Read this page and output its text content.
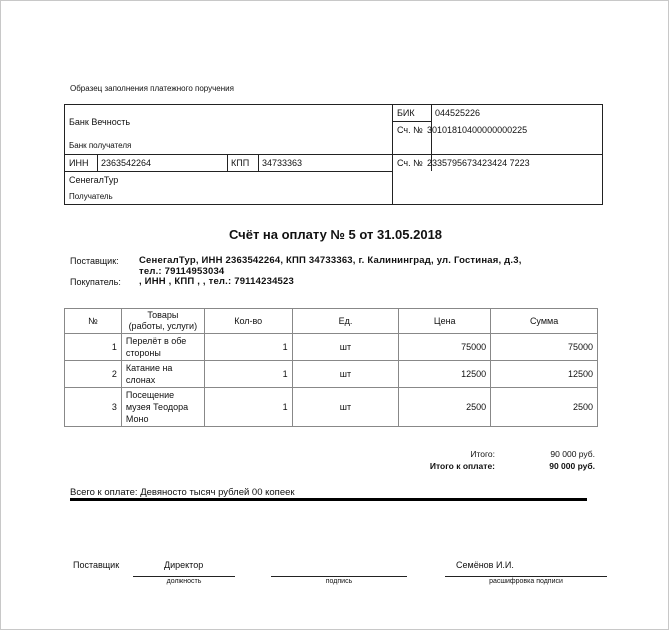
Образец заполнения платежного поручения
Банк Вечность
Банк получателя
БИК 044525226
Сч. № 30101810400000000225
ИНН 2363542264	КПП 34733363	Сч. № 2335795673423424 7223
СенегалТур
Получатель
Счёт на оплату № 5 от 31.05.2018
Поставщик: СенегалТур, ИНН 2363542264, КПП 34733363, г. Калининград, ул. Гостиная, д.3,
тел.: 79114953034
Покупатель: , ИНН , КПП , , тел.: 79114234523
№	Товары
(работы, услуги)	Кол-во	Ед.	Цена	Сумма
1	Перелёт в обе
стороны	1	шт	75000	75000
2	Катание на
слонах	1	шт	12500	12500
3	Посещение
музея Теодора
Моно	1	шт	2500	2500
Итого:	90 000 руб.
Итого к оплате:	90 000 руб.
Всего к оплате: Девяносто тысяч рублей 00 копеек
Поставщик	Директор
должность	подпись
Семёнов И.И.
расшифровка подписи
